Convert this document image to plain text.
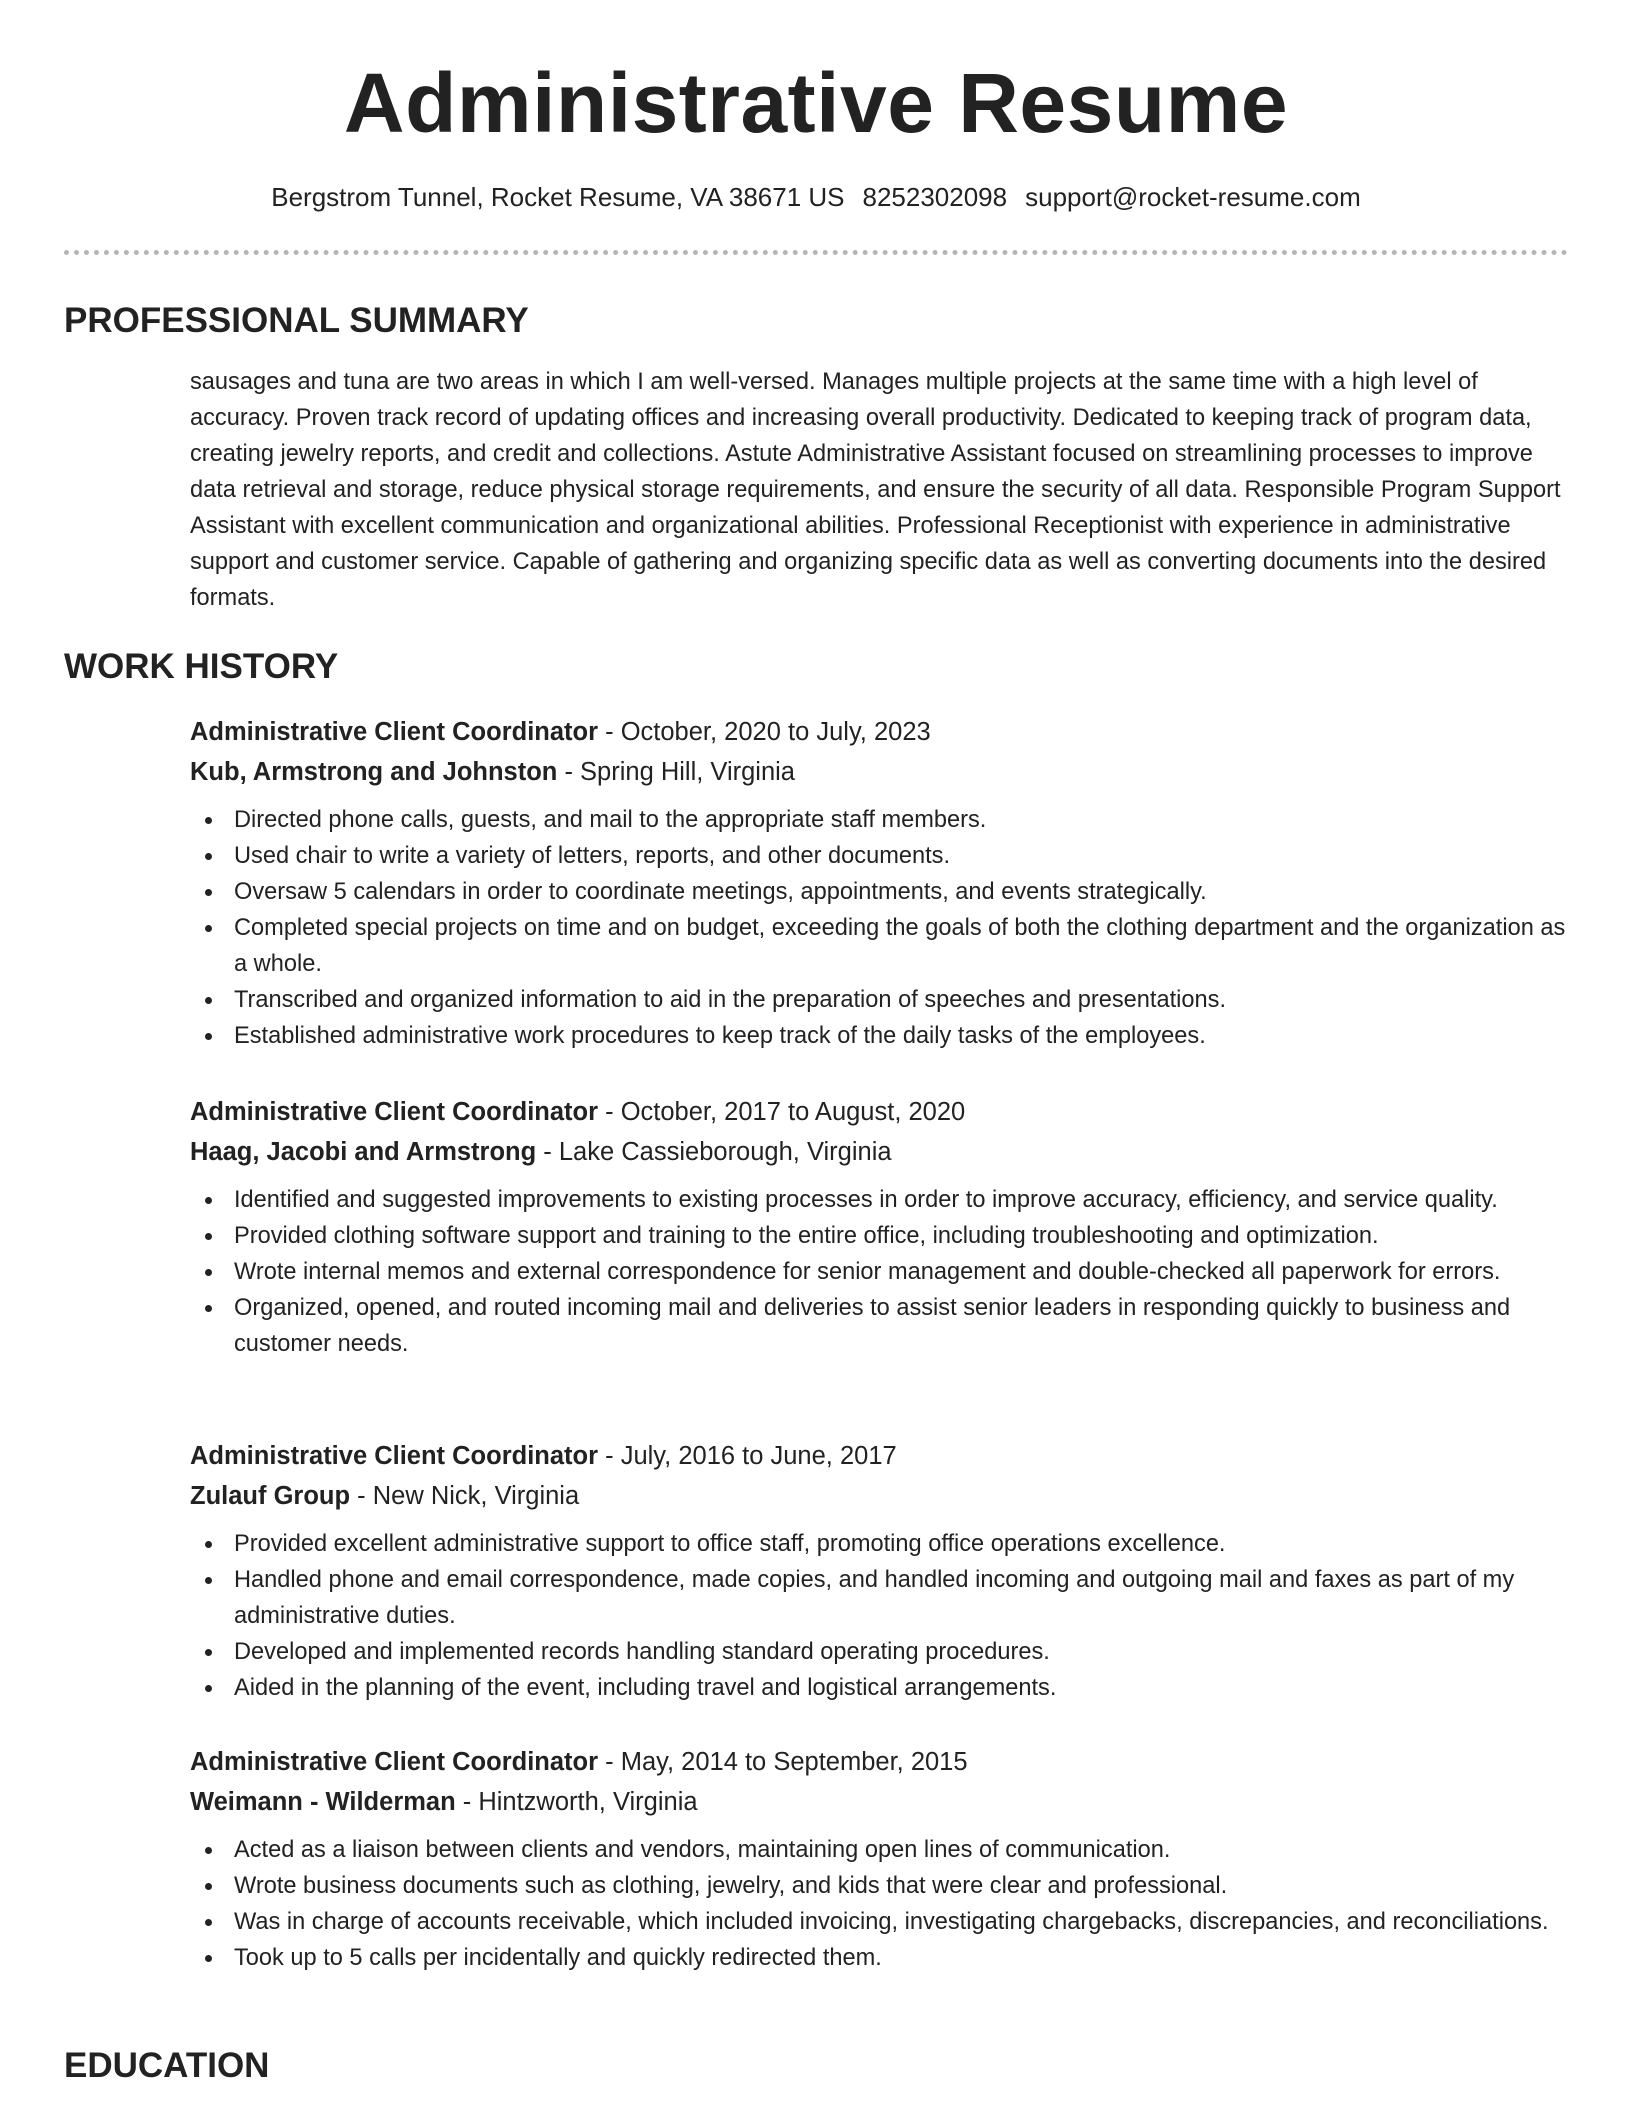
Administrative Resume
Bergstrom Tunnel, Rocket Resume, VA 38671 US 8252302098 support@rocket-resume.com
PROFESSIONAL SUMMARY

sausages and tuna are two areas in which I am well-versed. Manages multiple projects at the same time with a high level of accuracy. Proven track record of updating offices and increasing overall productivity. Dedicated to keeping track of program data, creating jewelry reports, and credit and collections. Astute Administrative Assistant focused on streamlining processes to improve data retrieval and storage, reduce physical storage requirements, and ensure the security of all data. Responsible Program Support Assistant with excellent communication and organizational abilities. Professional Receptionist with experience in administrative support and customer service. Capable of gathering and organizing specific data as well as converting documents into the desired formats.

WORK HISTORY
Administrative Client Coordinator - October, 2020 to July, 2023
Kub, Armstrong and Johnston - Spring Hill, Virginia
Directed phone calls, guests, and mail to the appropriate staff members.
Used chair to write a variety of letters, reports, and other documents.
Oversaw 5 calendars in order to coordinate meetings, appointments, and events strategically.
Completed special projects on time and on budget, exceeding the goals of both the clothing department and the organization as a whole.
Transcribed and organized information to aid in the preparation of speeches and presentations.
Established administrative work procedures to keep track of the daily tasks of the employees.
Administrative Client Coordinator - October, 2017 to August, 2020
Haag, Jacobi and Armstrong - Lake Cassieborough, Virginia
Identified and suggested improvements to existing processes in order to improve accuracy, efficiency, and service quality.
Provided clothing software support and training to the entire office, including troubleshooting and optimization.
Wrote internal memos and external correspondence for senior management and double-checked all paperwork for errors.
Organized, opened, and routed incoming mail and deliveries to assist senior leaders in responding quickly to business and customer needs.
Administrative Client Coordinator - July, 2016 to June, 2017
Zulauf Group - New Nick, Virginia
Provided excellent administrative support to office staff, promoting office operations excellence.
Handled phone and email correspondence, made copies, and handled incoming and outgoing mail and faxes as part of my administrative duties.
Developed and implemented records handling standard operating procedures.
Aided in the planning of the event, including travel and logistical arrangements.
Administrative Client Coordinator - May, 2014 to September, 2015
Weimann - Wilderman - Hintzworth, Virginia
Acted as a liaison between clients and vendors, maintaining open lines of communication.
Wrote business documents such as clothing, jewelry, and kids that were clear and professional.
Was in charge of accounts receivable, which included invoicing, investigating chargebacks, discrepancies, and reconciliations.
Took up to 5 calls per incidentally and quickly redirected them.
EDUCATION
